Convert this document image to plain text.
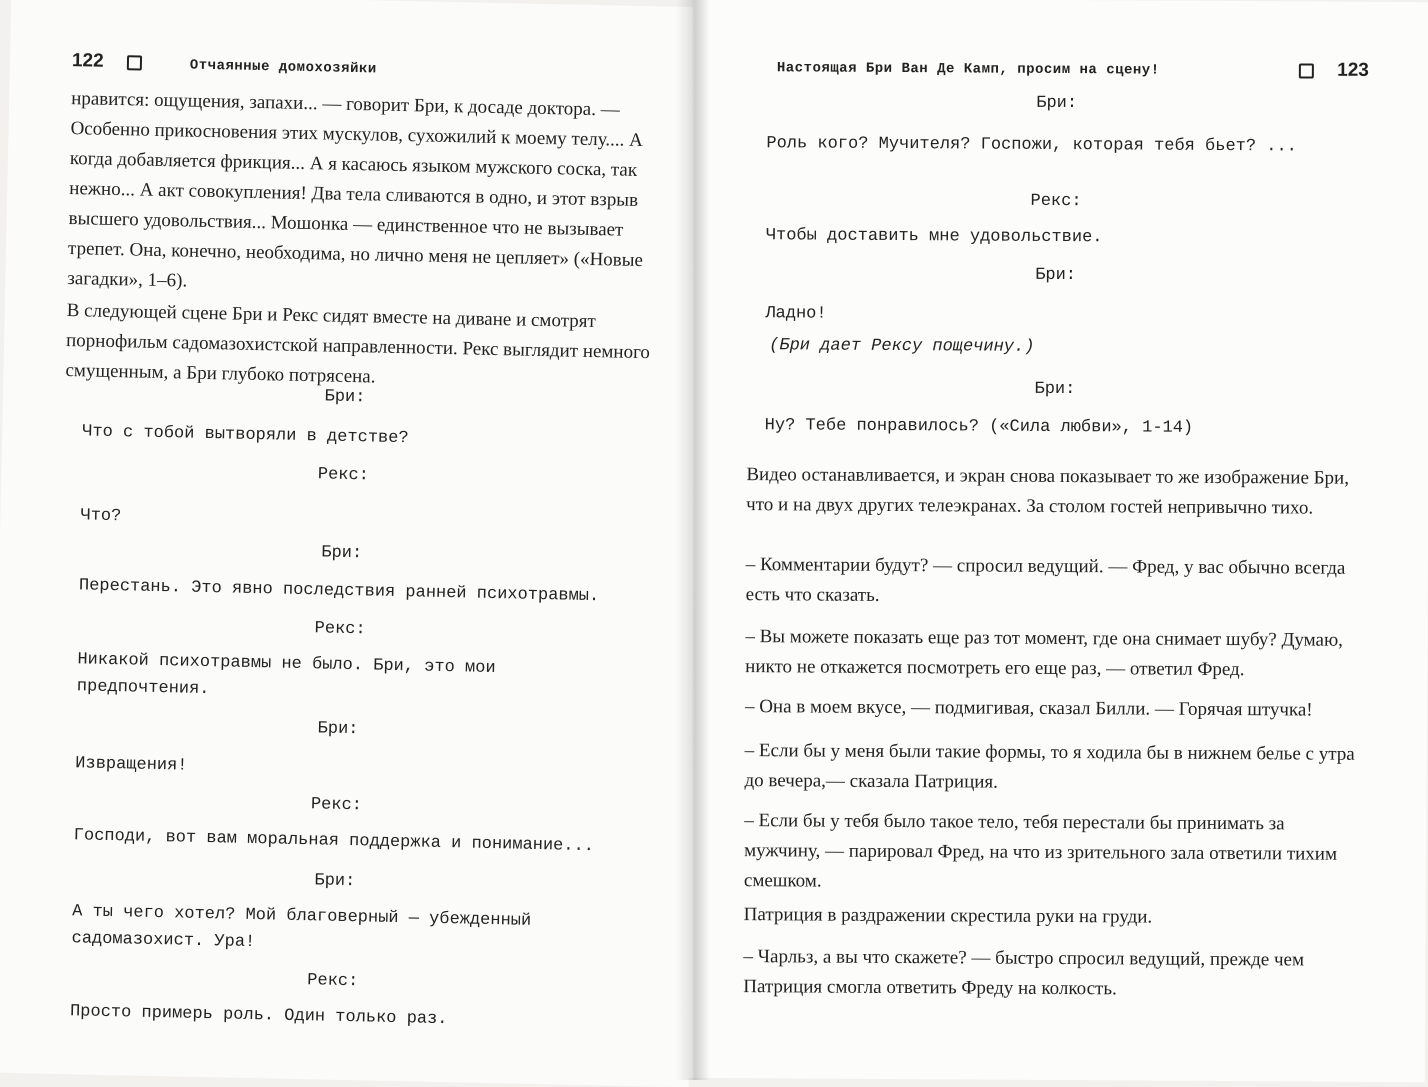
122	Отчаянные домохозяйки

нравится: ощущения, запахи... — говорит Бри, к досаде доктора. — Особенно прикосновения этих мускулов, сухожилий к моему телу.... А когда добавляется фрикция... А я касаюсь языком мужского соска, так нежно... А акт совокупления! Два тела сливаются в одно, и этот взрыв высшего удовольствия... Мошонка — единственное что не вызывает трепет. Она, конечно, необходима, но лично меня не цепляет» («Новые загадки», 1–6).

В следующей сцене Бри и Рекс сидят вместе на диване и смотрят порнофильм садомазохистской направленности. Рекс выглядит немного смущенным, а Бри глубоко потрясена.

Бри:

Что с тобой вытворяли в детстве?

Рекс:

Что?

Бри:

Перестань. Это явно последствия ранней психотравмы.

Рекс:

Никакой психотравмы не было. Бри, это мои предпочтения.

Бри:

Извращения!

Рекс:

Господи, вот вам моральная поддержка и понимание...

Бри:

А ты чего хотел? Мой благоверный — убежденный садомазохист. Ура!

Рекс:

Просто примерь роль. Один только раз.

Настоящая Бри Ван Де Камп, просим на сцену!	123

Бри:

Роль кого? Мучителя? Госпожи, которая тебя бьет? ...

Рекс:

Чтобы доставить мне удовольствие.

Бри:

Ладно!

(Бри дает Рексу пощечину.)

Бри:

Ну? Тебе понравилось? («Сила любви», 1-14)

Видео останавливается, и экран снова показывает то же изображение Бри, что и на двух других телеэкранах. За столом гостей непривычно тихо.

– Комментарии будут? — спросил ведущий. — Фред, у вас обычно всегда есть что сказать.

– Вы можете показать еще раз тот момент, где она снимает шубу? Думаю, никто не откажется посмотреть его еще раз, — ответил Фред.

– Она в моем вкусе, — подмигивая, сказал Билли. — Горячая штучка!

– Если бы у меня были такие формы, то я ходила бы в нижнем белье с утра до вечера,— сказала Патриция.

– Если бы у тебя было такое тело, тебя перестали бы принимать за мужчину, — парировал Фред, на что из зрительного зала ответили тихим смешком.

Патриция в раздражении скрестила руки на груди.

– Чарльз, а вы что скажете? — быстро спросил ведущий, прежде чем Патриция смогла ответить Фреду на колкость.
